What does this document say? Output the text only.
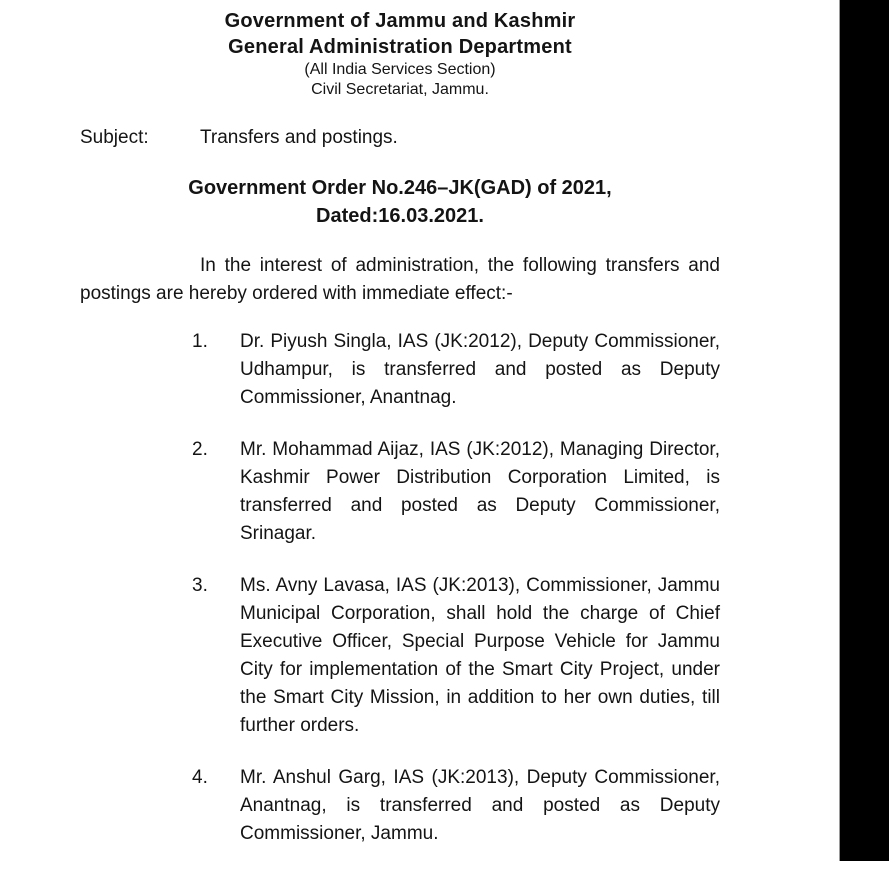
Government of Jammu and Kashmir
General Administration Department
(All India Services Section)
Civil Secretariat, Jammu.
Subject:	Transfers and postings.
Government Order No.246–JK(GAD) of 2021,
Dated:16.03.2021.
In the interest of administration, the following transfers and postings are hereby ordered with immediate effect:-
1.	Dr. Piyush Singla, IAS (JK:2012), Deputy Commissioner, Udhampur, is transferred and posted as Deputy Commissioner, Anantnag.
2.	Mr. Mohammad Aijaz, IAS (JK:2012), Managing Director, Kashmir Power Distribution Corporation Limited, is transferred and posted as Deputy Commissioner, Srinagar.
3.	Ms. Avny Lavasa, IAS (JK:2013), Commissioner, Jammu Municipal Corporation, shall hold the charge of Chief Executive Officer, Special Purpose Vehicle for Jammu City for implementation of the Smart City Project, under the Smart City Mission, in addition to her own duties, till further orders.
4.	Mr. Anshul Garg, IAS (JK:2013), Deputy Commissioner, Anantnag, is transferred and posted as Deputy Commissioner, Jammu.
